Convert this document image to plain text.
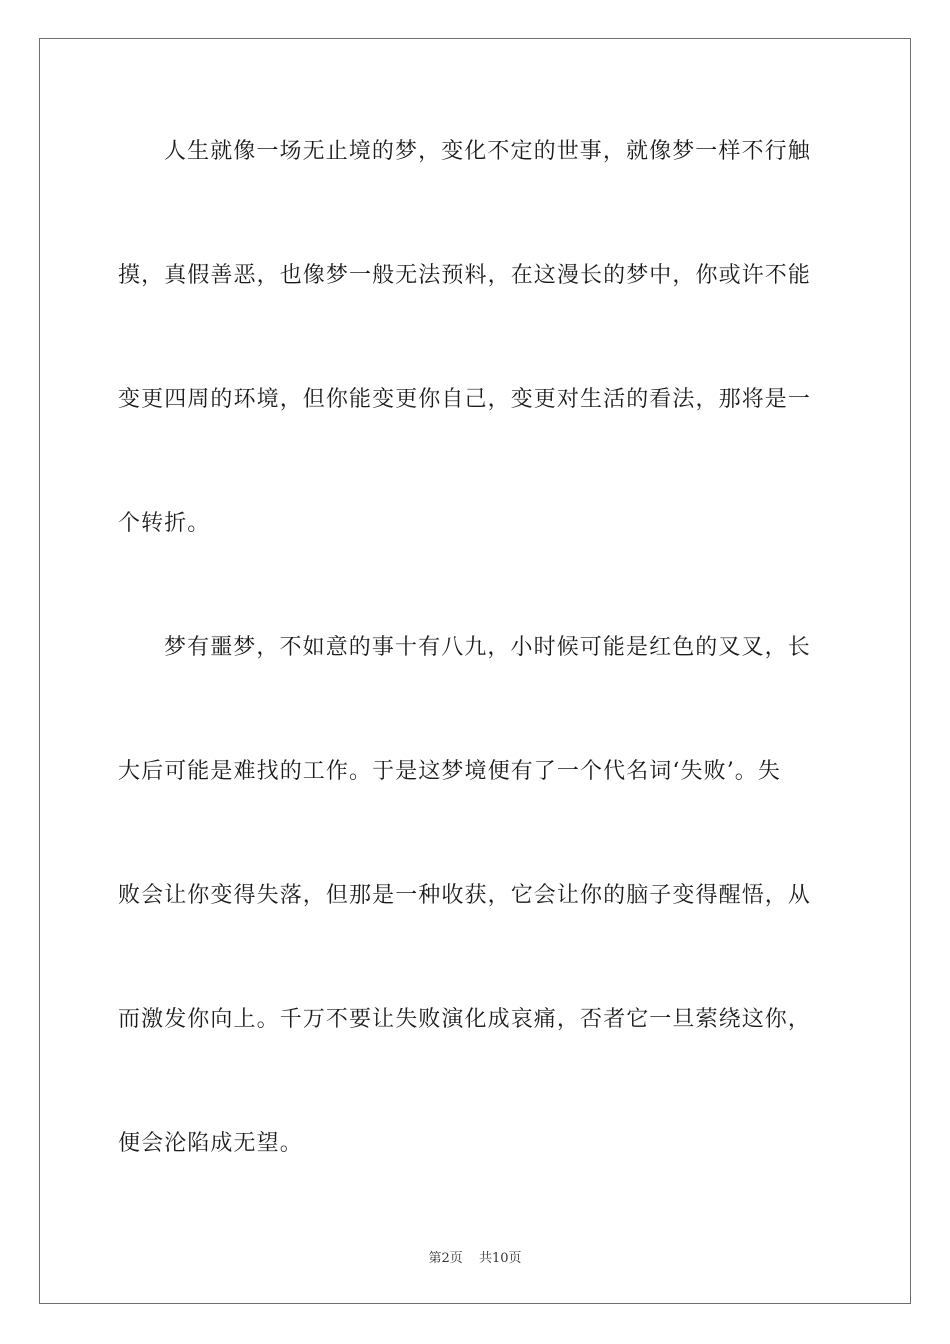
人生就像一场无止境的梦，变化不定的世事，就像梦一样不行触
摸，真假善恶，也像梦一般无法预料，在这漫长的梦中，你或许不能
变更四周的环境，但你能变更你自己，变更对生活的看法，那将是一
个转折。
梦有噩梦，不如意的事十有八九，小时候可能是红色的叉叉，长
大后可能是难找的工作。于是这梦境便有了一个代名词‘失败’。失
败会让你变得失落，但那是一种收获，它会让你的脑子变得醒悟，从
而激发你向上。千万不要让失败演化成哀痛，否者它一旦萦绕这你，
便会沦陷成无望。
第2页 共10页
